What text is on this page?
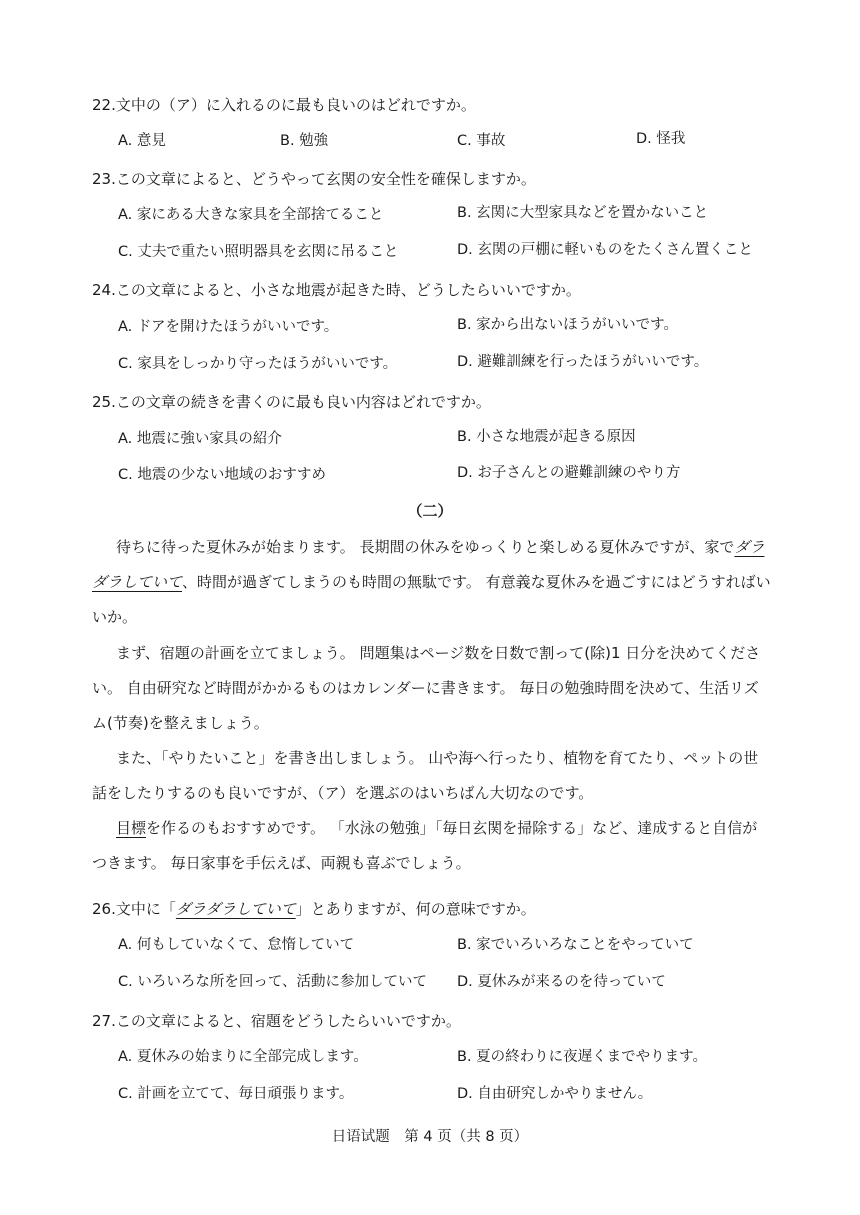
22.文中の（ア）に入れるのに最も良いのはどれですか。
A. 意見	B. 勉強	C. 事故	D. 怪我
23.この文章によると、どうやって玄関の安全性を確保しますか。
A. 家にある大きな家具を全部捨てること	B. 玄関に大型家具などを置かないこと
C. 丈夫で重たい照明器具を玄関に吊ること	D. 玄関の戸棚に軽いものをたくさん置くこと
24.この文章によると、小さな地震が起きた時、どうしたらいいですか。
A. ドアを開けたほうがいいです。	B. 家から出ないほうがいいです。
C. 家具をしっかり守ったほうがいいです。	D. 避難訓練を行ったほうがいいです。
25.この文章の続きを書くのに最も良い内容はどれですか。
A. 地震に強い家具の紹介	B. 小さな地震が起きる原因
C. 地震の少ない地域のおすすめ	D. お子さんとの避難訓練のやり方
（二）
待ちに待った夏休みが始まります。 長期間の休みをゆっくりと楽しめる夏休みですが、家でダラダラしていて、時間が過ぎてしまうのも時間の無駄です。 有意義な夏休みを過ごすにはどうすればいいか。
まず、宿題の計画を立てましょう。 問題集はページ数を日数で割って(除)1 日分を決めてください。 自由研究など時間がかかるものはカレンダーに書きます。 毎日の勉強時間を決めて、生活リズム(节奏)を整えましょう。
また、「やりたいこと」を書き出しましょう。 山や海へ行ったり、植物を育てたり、ペットの世話をしたりするのも良いですが、（ア）を選ぶのはいちばん大切なのです。
目標を作るのもおすすめです。 「水泳の勉強」「毎日玄関を掃除する」など、達成すると自信がつきます。 毎日家事を手伝えば、両親も喜ぶでしょう。
26.文中に「ダラダラしていて」とありますが、何の意味ですか。
A. 何もしていなくて、怠惰していて	B. 家でいろいろなことをやっていて
C. いろいろな所を回って、活動に参加していて D. 夏休みが来るのを待っていて
27.この文章によると、宿題をどうしたらいいですか。
A. 夏休みの始まりに全部完成します。	B. 夏の終わりに夜遅くまでやります。
C. 計画を立てて、毎日頑張ります。	D. 自由研究しかやりません。
日语试题　第 4 页（共 8 页）
